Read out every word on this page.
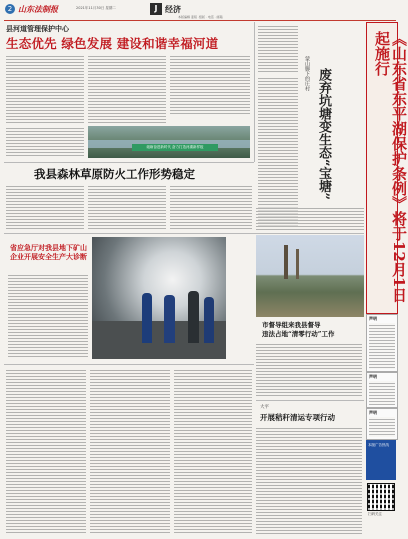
2 山东法制报	2021年11月30日 星期二	J 经济
本版编辑 姜程 ·组版 · 电话 · 邮箱
县河道管理保护中心
生态优先 绿色发展 建设和谐幸福河道
砥砺奋进新时代 奋力打造河湖新样板
蒙山脚下的庄村 废弃坑塘变生态“宝塘”	《山东省东平湖保护条例》将于12月1日起施行
我县森林草原防火工作形势稳定
省应急厅对我县地下矿山
企业开展安全生产大诊断
市督导组来我县督导
违法占地“清零行动”工作
大平
开展秸秆清运专项行动
声明
声明
声明
本版广告热线
扫码关注
